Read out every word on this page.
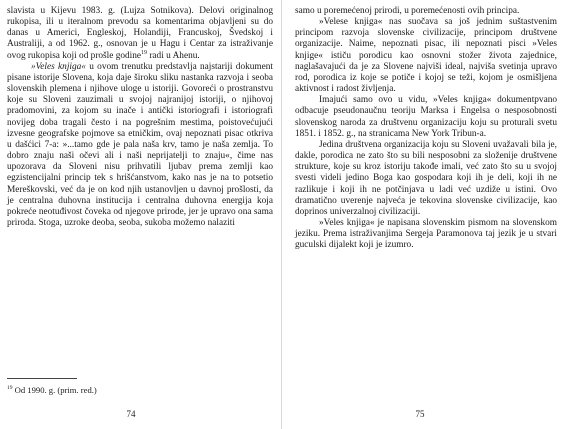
slavista u Kijevu 1983. g. (Lujza Sotnikova). Delovi originalnog rukopisa, ili u iteralnom prevodu sa komentarima objavljeni su do danas u Americi, Engleskoj, Holandiji, Francuskoj, Švedskoj i Australiji, a od 1962. g., osnovan je u Hagu i Centar za istraživanje ovog rukopisa koji od prošle godine$^{19}$ radi u Ahenu.

»Veles knjiga« u ovom trenutku predstavlja najstariji dokument pisane istorije Slovena, koja daje široku sliku nastanka razvoja i seoba slovenskih plemena i njihove uloge u istoriji. Govoreći o prostranstvu koje su Sloveni zauzimali u svojoj najranijoj istoriji, o njihovoj pradomovini, za kojom su inače i antički istoriografi i istoriografi novijeg doba tragali često i na pogrešnim mestima, poistovećujući izvesne geografske pojmove sa etničkim, ovaj nepoznati pisac otkriva u dašćici 7-a: »...tamo gde je pala naša krv, tamo je naša zemlja. To dobro znaju naši očevi ali i naši neprijatelji to znaju«, čime nas upozorava da Sloveni nisu prihvatili ljubav prema zemlji kao egzistencijalni princip tek s hrišćanstvom, kako nas je na to potsetio Mereškovski, već da je on kod njih ustanovljen u davnoj prošlosti, da je centralna duhovna institucija i centralna duhovna energija koja pokreće neotuđivost čoveka od njegove prirode, jer je upravo ona sama priroda. Stoga, uzroke deoba, seoba, sukoba možemo nalaziti

$^{19}$ Od 1990. g. (prim. red.)
74

samo u poremećenoj prirodi, u poremećenosti ovih principa.

»Velese knjiga« nas suočava sa još jednim suštastvenim principom razvoja slovenske civilizacije, principom društvene organizacije. Naime, nepoznati pisac, ili nepoznati pisci »Veles knjige« ističu porodicu kao osnovni stožer života zajednice, naglašavajući da je za Slovene najviši ideal, najviša svetinja upravo rod, porodica iz koje se potiče i kojoj se teži, kojom je osmišljena aktivnost i radost življenja.

Imajući samo ovo u vidu, »Veles knjiga« dokumentpvano odbacuje pseudonaučnu teoriju Marksa i Engelsa o nesposobnosti slovenskog naroda za društvenu organizaciju koju su proturali svetu 1851. i 1852. g., na stranicama New York Tribun-a.

Jedina društvena organizacija koju su Sloveni uvažavali bila je, dakle, porodica ne zato što su bili nesposobni za složenije društvene strukture, koje su kroz istoriju takođe imali, već zato što su u svojoj svesti videli jedino Boga kao gospodara koji ih je deli, koji ih ne razlikuje i koji ih ne potčinjava u ladi već uzdiže u istini. Ovo dramatično uverenje najveća je tekovina slovenske civilizacije, kao doprinos univerzalnoj civilizaciji.

»Veles knjiga« je napisana slovenskim pismom na slovenskom jeziku. Prema istraživanjima Sergeja Paramonova taj jezik je u stvari guculski dijalekt koji je izumro.

75
